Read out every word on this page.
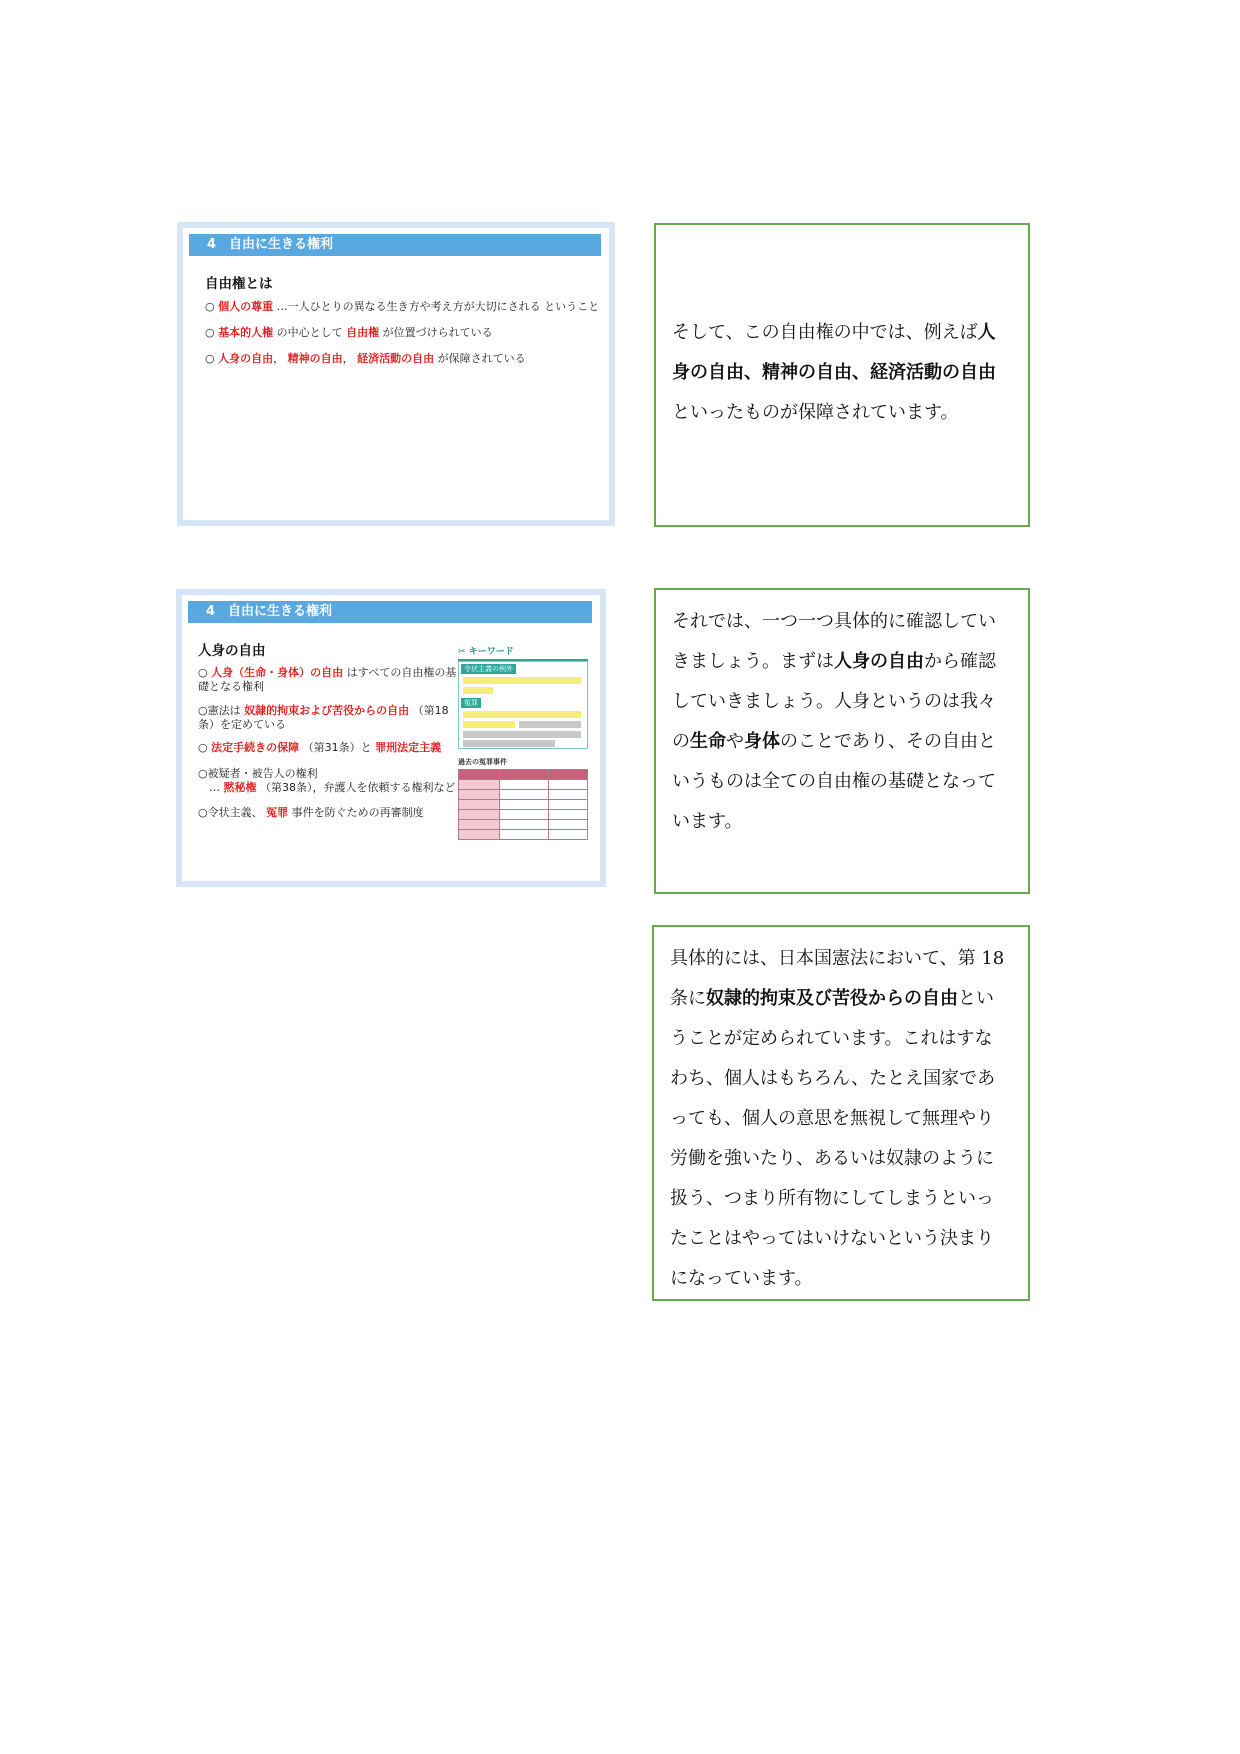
4　自由に生きる権利
自由権とは
○ 個人の尊重 …一人ひとりの異なる生き方や考え方が大切にされる ということ
○ 基本的人権 の中心として 自由権 が位置づけられている
○ 人身の自由， 精神の自由， 経済活動の自由 が保障されている

そして、この自由権の中では、例えば人

身の自由、精神の自由、経済活動の自由

といったものが保障されています。

4　自由に生きる権利
人身の自由
○ 人身（生命・身体）の自由 はすべての自由権の基
礎となる権利
○憲法は 奴隷的拘束および苦役からの自由 （第18
条）を定めている
○ 法定手続きの保障 （第31条）と 罪刑法定主義
○被疑者・被告人の権利
　… 黙秘権 （第38条），弁護人を依頼する権利など
○令状主義、 冤罪 事件を防ぐための再審制度
✂ キーワード
令状主義の例外
冤罪
過去の冤罪事件

それでは、一つ一つ具体的に確認してい

きましょう。まずは人身の自由から確認

していきましょう。人身というのは我々

の生命や身体のことであり、その自由と

いうものは全ての自由権の基礎となって

います。

具体的には、日本国憲法において、第 18

条に奴隷的拘束及び苦役からの自由とい

うことが定められています。これはすな

わち、個人はもちろん、たとえ国家であ

っても、個人の意思を無視して無理やり

労働を強いたり、あるいは奴隷のように

扱う、つまり所有物にしてしまうといっ

たことはやってはいけないという決まり

になっています。
